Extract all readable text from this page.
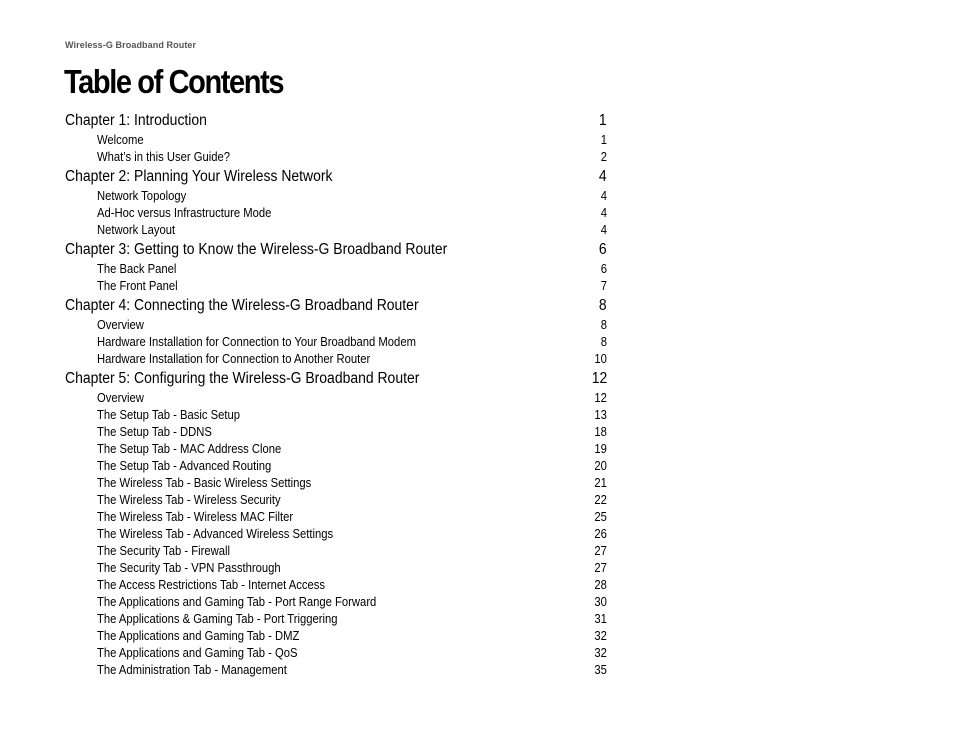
Wireless-G Broadband Router
Table of Contents
Chapter 1: Introduction	1
Welcome	1
What’s in this User Guide?	2
Chapter 2: Planning Your Wireless Network	4
Network Topology	4
Ad-Hoc versus Infrastructure Mode	4
Network Layout	4
Chapter 3: Getting to Know the Wireless-G Broadband Router	6
The Back Panel	6
The Front Panel	7
Chapter 4: Connecting the Wireless-G Broadband Router	8
Overview	8
Hardware Installation for Connection to Your Broadband Modem	8
Hardware Installation for Connection to Another Router	10
Chapter 5: Configuring the Wireless-G Broadband Router	12
Overview	12
The Setup Tab - Basic Setup	13
The Setup Tab - DDNS	18
The Setup Tab - MAC Address Clone	19
The Setup Tab - Advanced Routing	20
The Wireless Tab - Basic Wireless Settings	21
The Wireless Tab - Wireless Security	22
The Wireless Tab - Wireless MAC Filter	25
The Wireless Tab - Advanced Wireless Settings	26
The Security Tab - Firewall	27
The Security Tab - VPN Passthrough	27
The Access Restrictions Tab - Internet Access	28
The Applications and Gaming Tab - Port Range Forward	30
The Applications & Gaming Tab - Port Triggering	31
The Applications and Gaming Tab - DMZ	32
The Applications and Gaming Tab - QoS	32
The Administration Tab - Management	35
